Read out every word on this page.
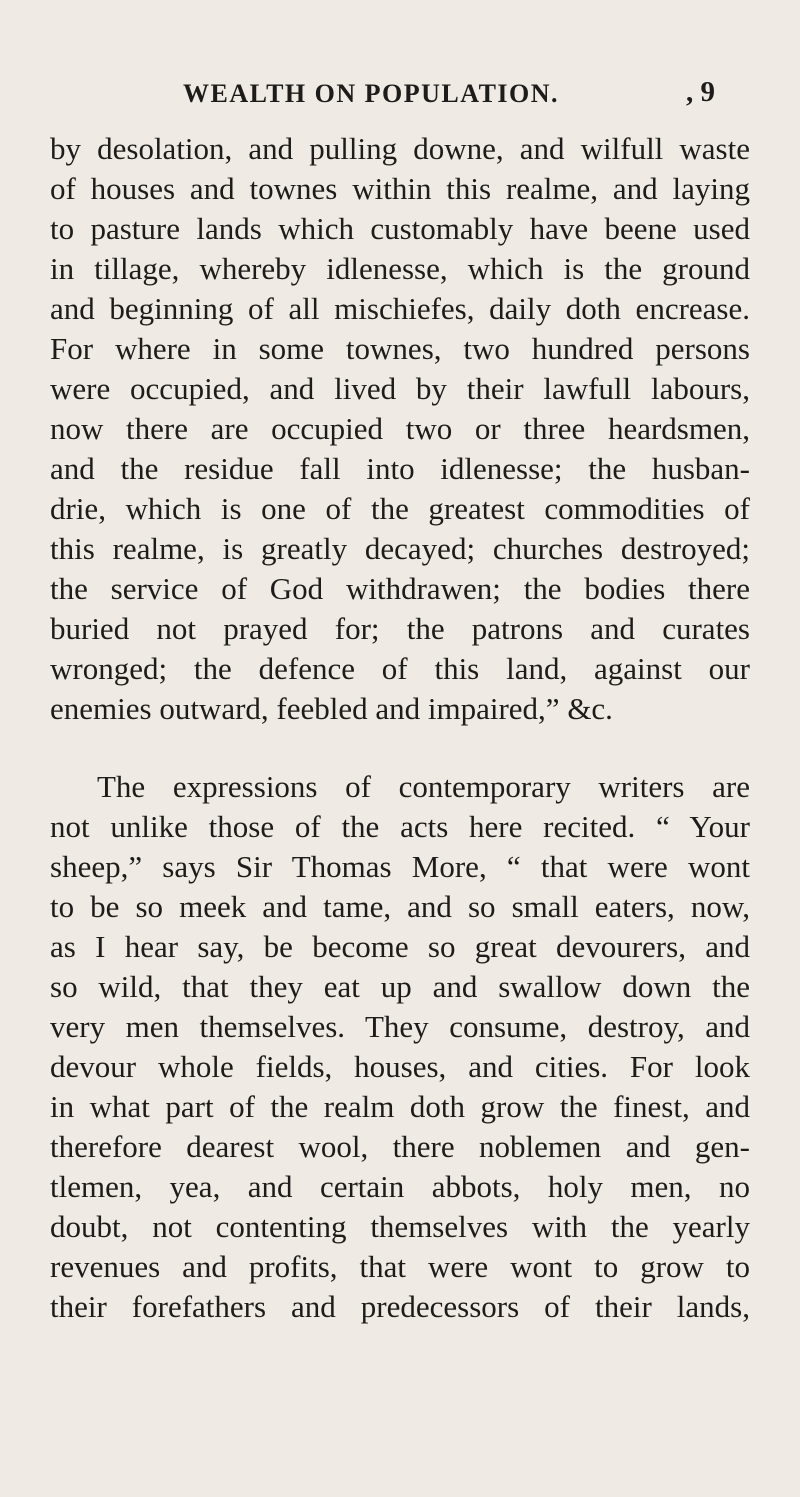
WEALTH ON POPULATION.	, 9
by desolation, and pulling downe, and wilfull waste
of houses and townes within this realme, and laying
to pasture lands which customably have beene used
in tillage, whereby idlenesse, which is the ground
and beginning of all mischiefes, daily doth encrease.
For where in some townes, two hundred persons
were occupied, and lived by their lawfull labours,
now there are occupied two or three heardsmen,
and the residue fall into idlenesse; the husban-
drie, which is one of the greatest commodities of
this realme, is greatly decayed; churches destroyed;
the service of God withdrawen; the bodies there
buried not prayed for; the patrons and curates
wronged; the defence of this land, against our
enemies outward, feebled and impaired,” &c.
The expressions of contemporary writers are
not unlike those of the acts here recited. “ Your
sheep,” says Sir Thomas More, “ that were wont
to be so meek and tame, and so small eaters, now,
as I hear say, be become so great devourers, and
so wild, that they eat up and swallow down the
very men themselves. They consume, destroy, and
devour whole fields, houses, and cities. For look
in what part of the realm doth grow the finest, and
therefore dearest wool, there noblemen and gen-
tlemen, yea, and certain abbots, holy men, no
doubt, not contenting themselves with the yearly
revenues and profits, that were wont to grow to
their forefathers and predecessors of their lands,
